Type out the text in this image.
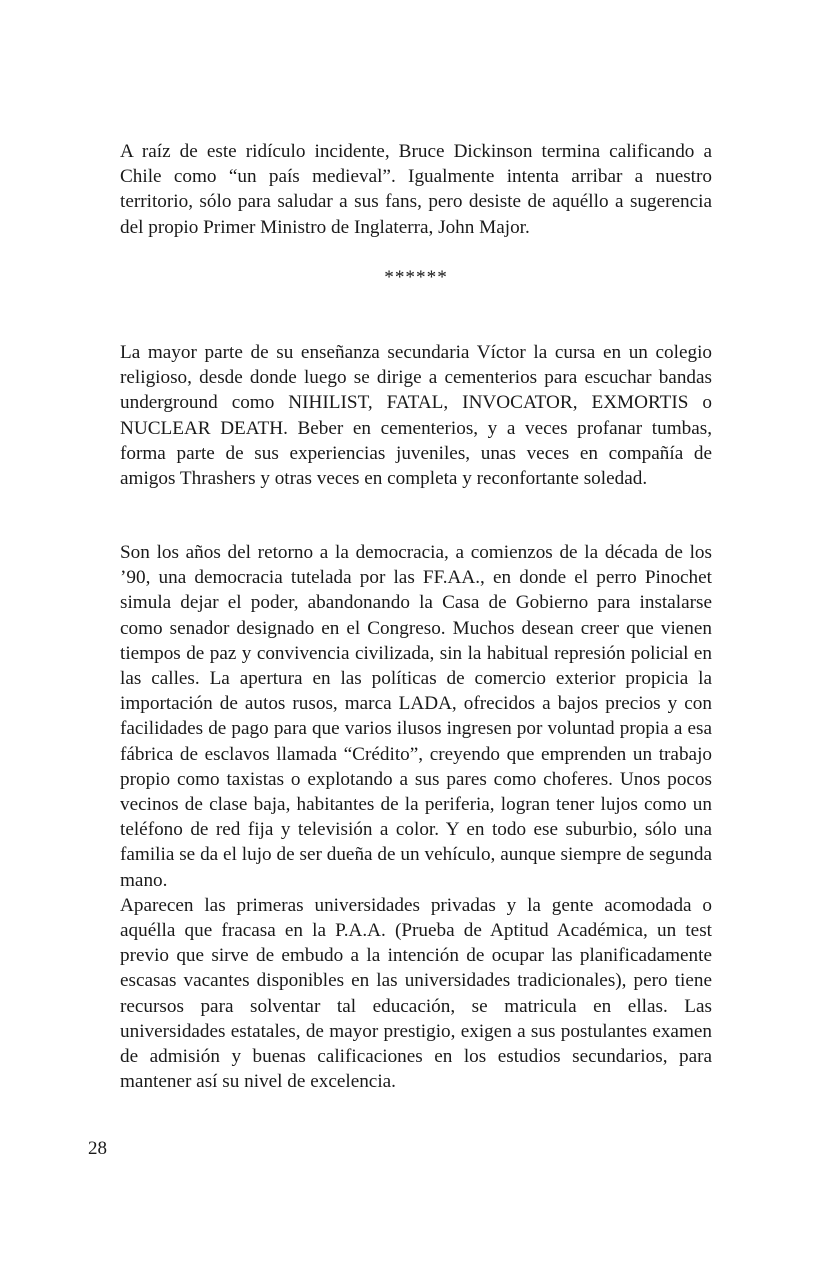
A raíz de este ridículo incidente, Bruce Dickinson termina calificando a Chile como “un país medieval”. Igualmente intenta arribar a nuestro territorio, sólo para saludar a sus fans, pero desiste de aquéllo a sugerencia del propio Primer Ministro de Inglaterra, John Major.

******

La mayor parte de su enseñanza secundaria Víctor la cursa en un colegio religioso, desde donde luego se dirige a cementerios para escuchar bandas underground como NIHILIST, FATAL, INVOCATOR, EXMORTIS o NUCLEAR DEATH. Beber en cementerios, y a veces profanar tumbas, forma parte de sus experiencias juveniles, unas veces en compañía de amigos Thrashers y otras veces en completa y reconfortante soledad.

Son los años del retorno a la democracia, a comienzos de la década de los ’90, una democracia tutelada por las FF.AA., en donde el perro Pinochet simula dejar el poder, abandonando la Casa de Gobierno para instalarse como senador designado en el Congreso. Muchos desean creer que vienen tiempos de paz y convivencia civilizada, sin la habitual represión policial en las calles. La apertura en las políticas de comercio exterior propicia la importación de autos rusos, marca LADA, ofrecidos a bajos precios y con facilidades de pago para que varios ilusos ingresen por voluntad propia a esa fábrica de esclavos llamada “Crédito”, creyendo que emprenden un trabajo propio como taxistas o explotando a sus pares como choferes. Unos pocos vecinos de clase baja, habitantes de la periferia, logran tener lujos como un teléfono de red fija y televisión a color. Y en todo ese suburbio, sólo una familia se da el lujo de ser dueña de un vehículo, aunque siempre de segunda mano.

Aparecen las primeras universidades privadas y la gente acomodada o aquélla que fracasa en la P.A.A. (Prueba de Aptitud Académica, un test previo que sirve de embudo a la intención de ocupar las planificadamente escasas vacantes disponibles en las universidades tradicionales), pero tiene recursos para solventar tal educación, se matricula en ellas. Las universidades estatales, de mayor prestigio, exigen a sus postulantes examen de admisión y buenas calificaciones en los estudios secundarios, para mantener así su nivel de excelencia.

28
